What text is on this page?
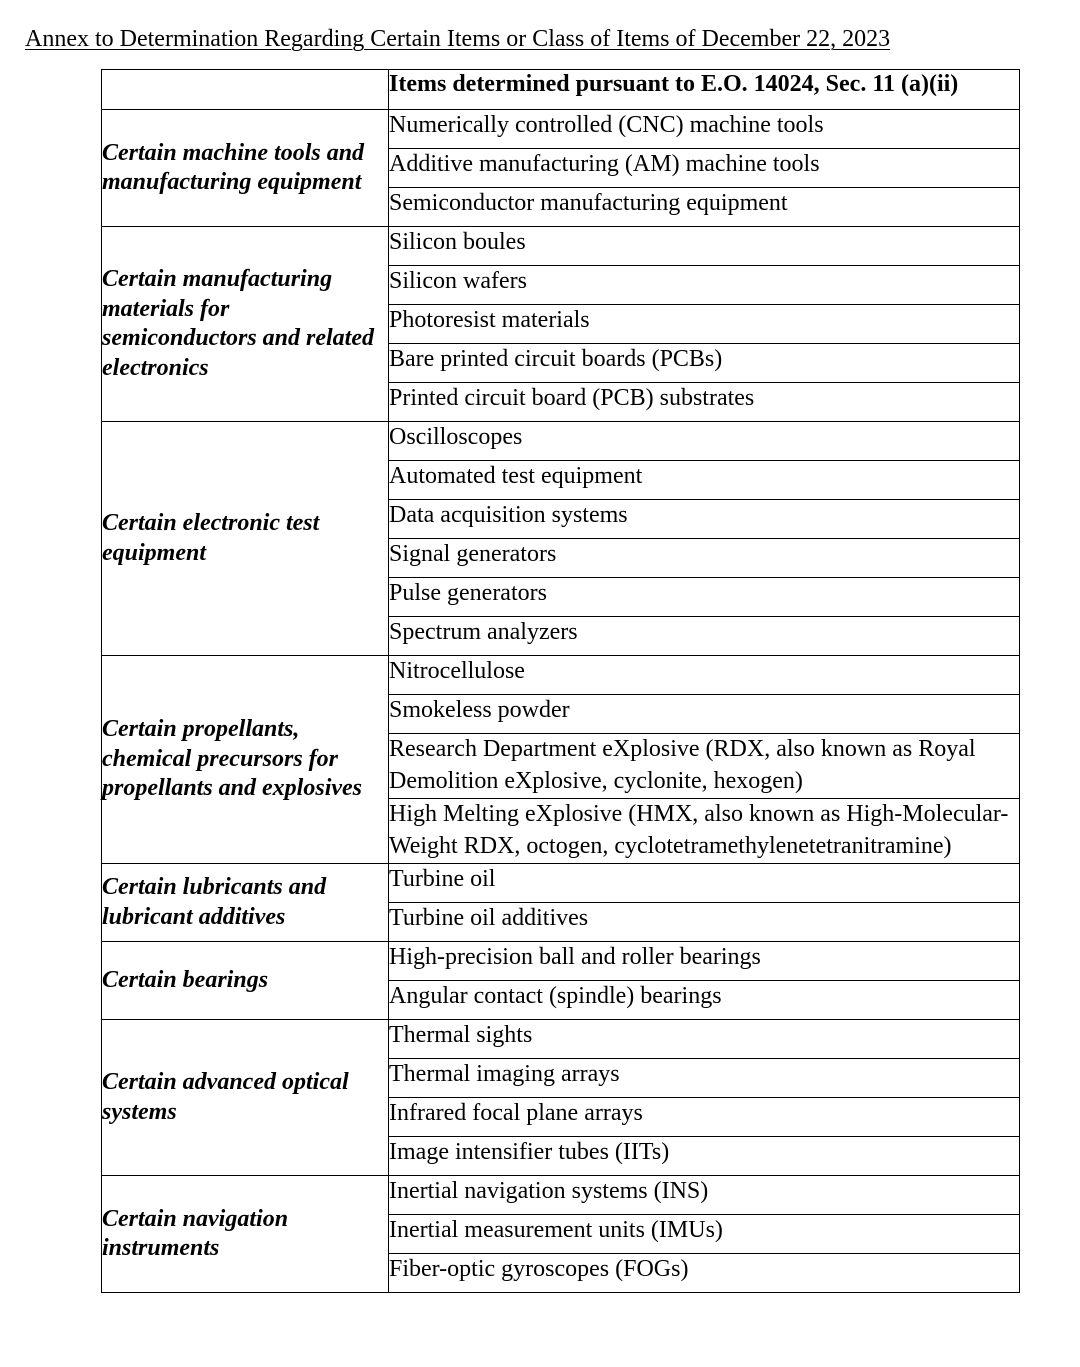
Annex to Determination Regarding Certain Items or Class of Items of December 22, 2023

	Items determined pursuant to E.O. 14024, Sec. 11 (a)(ii)

Certain machine tools and manufacturing equipment	Numerically controlled (CNC) machine tools

	Additive manufacturing (AM) machine tools

	Semiconductor manufacturing equipment

Certain manufacturing materials for semiconductors and related electronics	Silicon boules

	Silicon wafers

	Photoresist materials

	Bare printed circuit boards (PCBs)

	Printed circuit board (PCB) substrates

Certain electronic test equipment	Oscilloscopes

	Automated test equipment

	Data acquisition systems

	Signal generators

	Pulse generators

	Spectrum analyzers

Certain propellants, chemical precursors for propellants and explosives	Nitrocellulose

	Smokeless powder

	Research Department eXplosive (RDX, also known as Royal Demolition eXplosive, cyclonite, hexogen)

	High Melting eXplosive (HMX, also known as High-Molecular-Weight RDX, octogen, cyclotetramethylenetetranitramine)

Certain lubricants and lubricant additives	Turbine oil

	Turbine oil additives

Certain bearings	High-precision ball and roller bearings

	Angular contact (spindle) bearings

Certain advanced optical systems	Thermal sights

	Thermal imaging arrays

	Infrared focal plane arrays

	Image intensifier tubes (IITs)

Certain navigation instruments	Inertial navigation systems (INS)

	Inertial measurement units (IMUs)

	Fiber-optic gyroscopes (FOGs)
